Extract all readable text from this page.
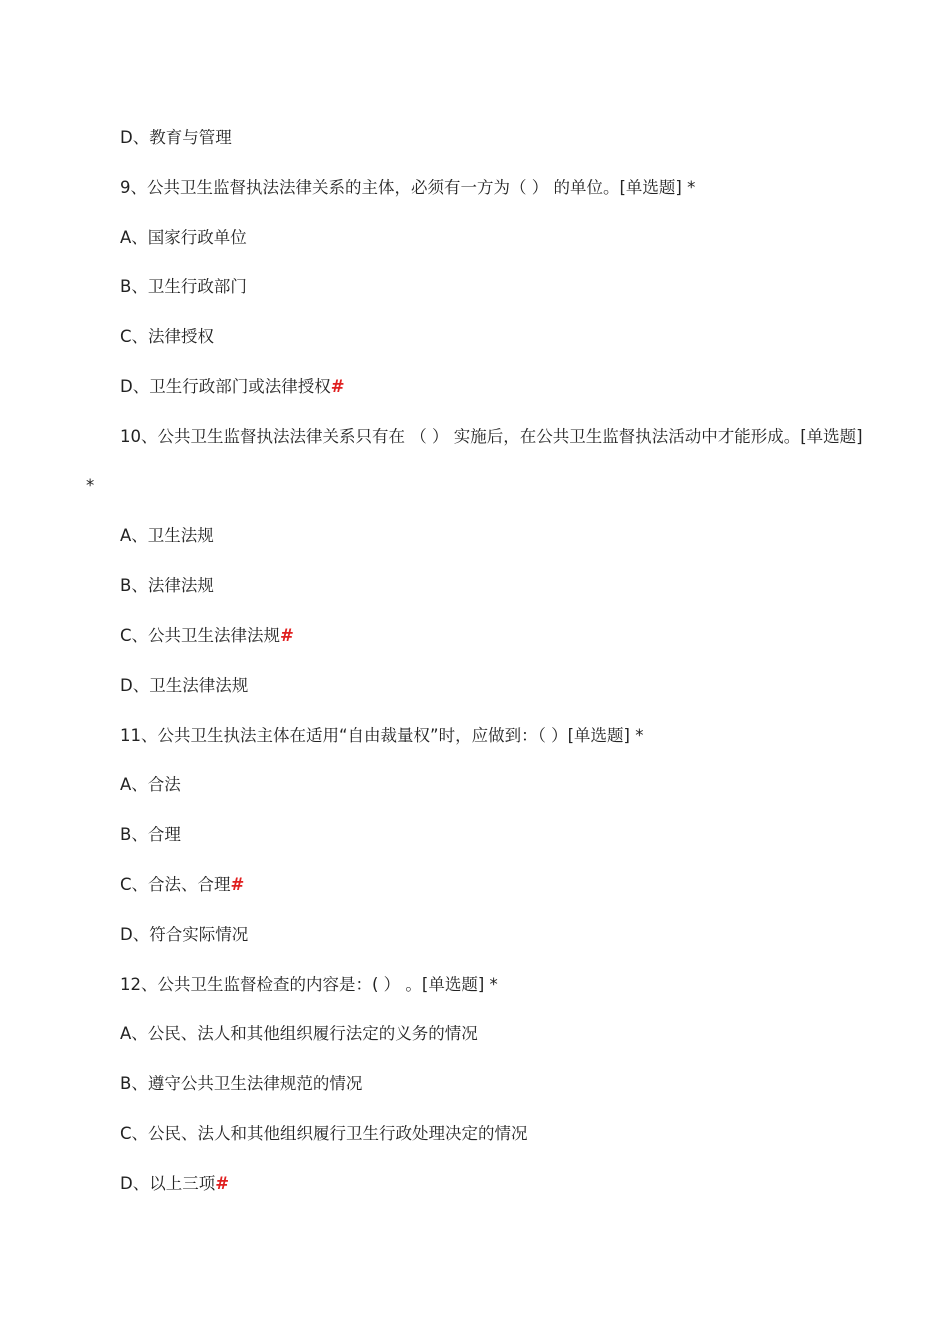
D、教育与管理
9、公共卫生监督执法法律关系的主体，必须有一方为（ ） 的单位。[单选题] *
A、国家行政单位
B、卫生行政部门
C、法律授权
D、卫生行政部门或法律授权#
10、公共卫生监督执法法律关系只有在 （ ） 实施后，在公共卫生监督执法活动中才能形成。[单选题]
*
A、卫生法规
B、法律法规
C、公共卫生法律法规#
D、卫生法律法规
11、公共卫生执法主体在适用“自由裁量权”时，应做到：（ ）[单选题] *
A、合法
B、合理
C、合法、合理#
D、符合实际情况
12、公共卫生监督检查的内容是：( ） 。[单选题] *
A、公民、法人和其他组织履行法定的义务的情况
B、遵守公共卫生法律规范的情况
C、公民、法人和其他组织履行卫生行政处理决定的情况
D、以上三项#
